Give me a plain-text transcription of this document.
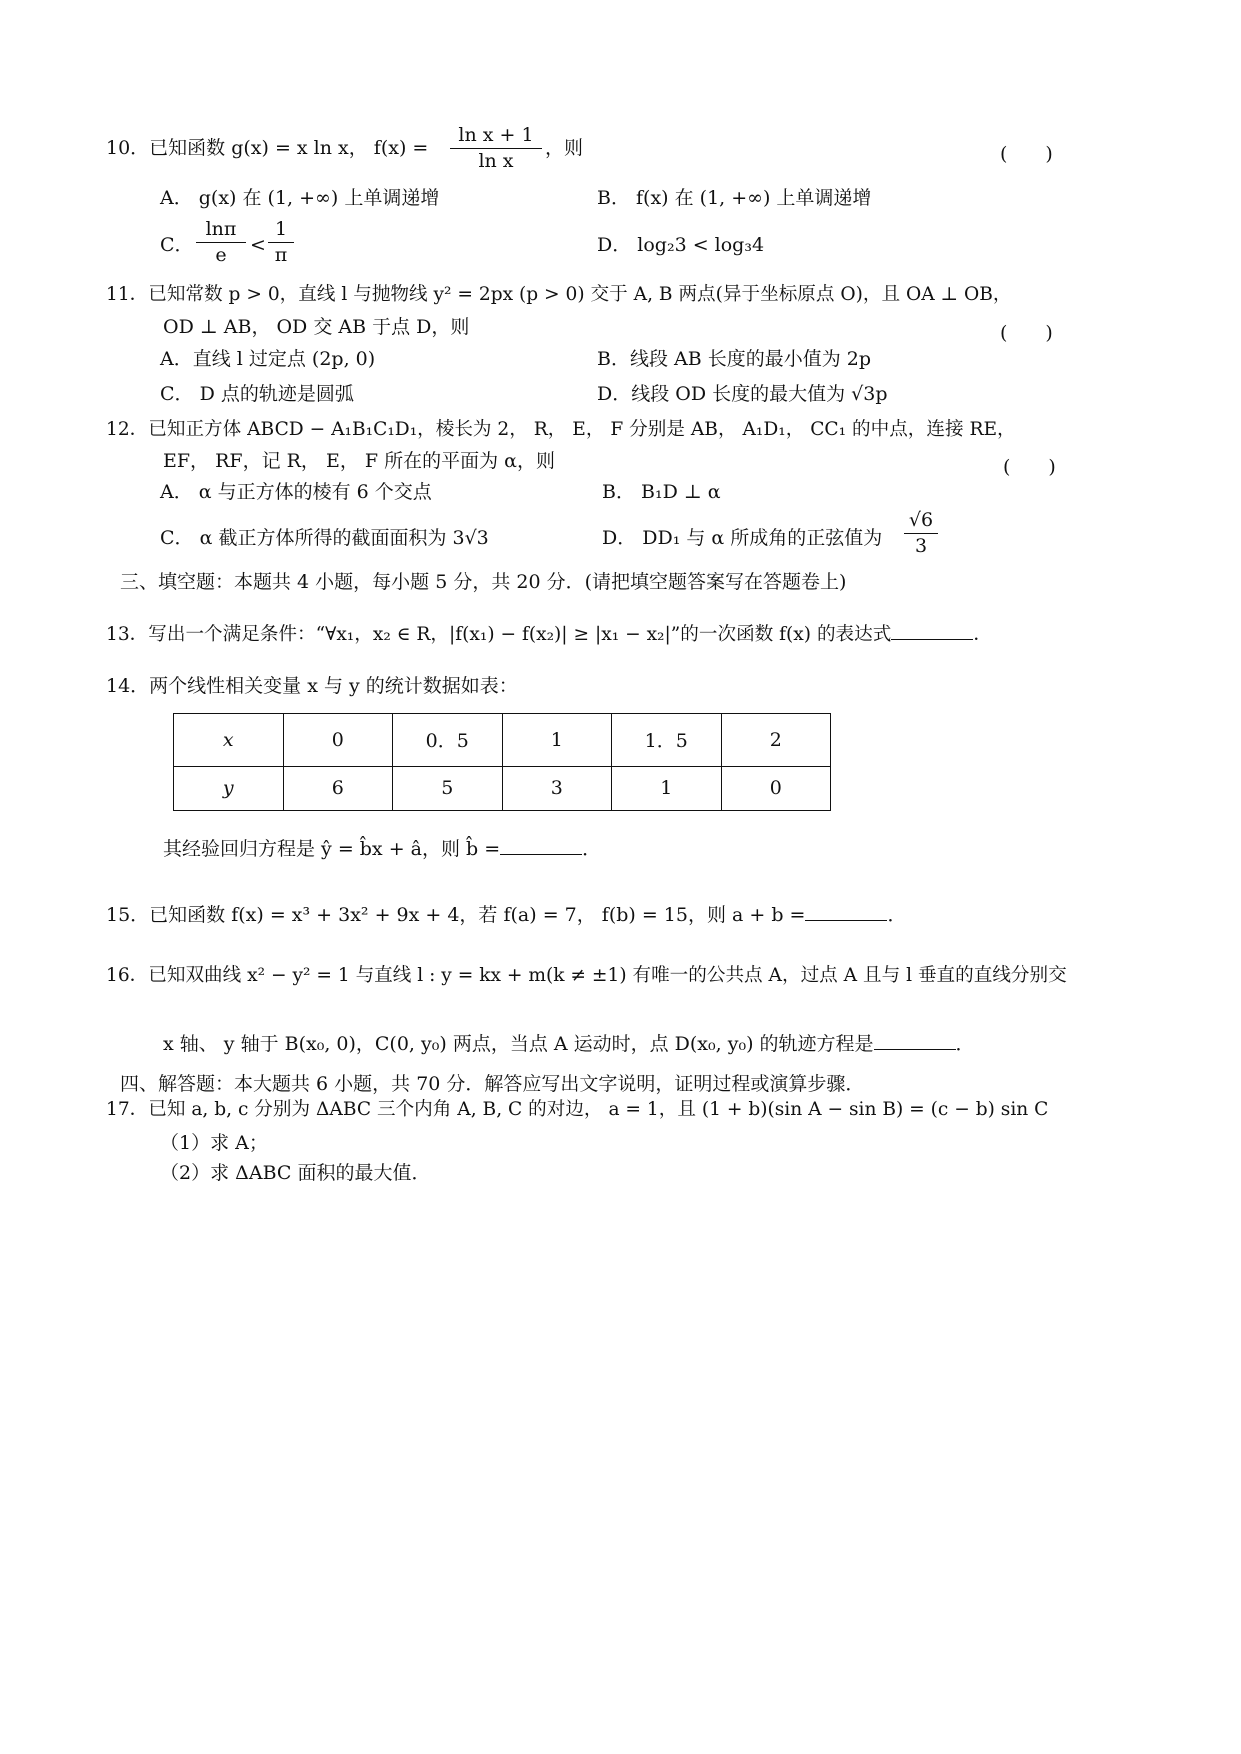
10．已知函数 g(x) = x ln x， f(x) =
ln x + 1
ln x
，则	(　　)
A． g(x) 在 (1, +∞) 上单调递增	B． f(x) 在 (1, +∞) 上单调递增
C．
lnπ
e	<
1
π	D． log₂3 < log₃4
11．已知常数 p > 0，直线 l 与抛物线 y² = 2px (p > 0) 交于 A, B 两点(异于坐标原点 O)，且 OA ⊥ OB，
OD ⊥ AB， OD 交 AB 于点 D，则	(　　)
A．直线 l 过定点 (2p, 0)	B．线段 AB 长度的最小值为 2p
C． D 点的轨迹是圆弧	D．线段 OD 长度的最大值为 √3p
12．已知正方体 ABCD − A₁B₁C₁D₁，棱长为 2， R， E， F 分别是 AB， A₁D₁， CC₁ 的中点，连接 RE，
EF， RF，记 R， E， F 所在的平面为 α，则	(　　)
A． α 与正方体的棱有 6 个交点	B． B₁D ⊥ α
C． α 截正方体所得的截面面积为 3√3	D． DD₁ 与 α 所成角的正弦值为
√6
3
三、填空题：本题共 4 小题，每小题 5 分，共 20 分．(请把填空题答案写在答题卷上)
13．写出一个满足条件：“∀x₁，x₂ ∈ R，|f(x₁) − f(x₂)| ≥ |x₁ − x₂|”的一次函数 f(x) 的表达式	．
14．两个线性相关变量 x 与 y 的统计数据如表：
x	0	0．5	1	1．5	2
y	6	5	3	1	0
其经验回归方程是 ŷ = b̂x + â，则 b̂ =	．
15．已知函数 f(x) = x³ + 3x² + 9x + 4，若 f(a) = 7， f(b) = 15，则 a + b =	．
16．已知双曲线 x² − y² = 1 与直线 l : y = kx + m(k ≠ ±1) 有唯一的公共点 A，过点 A 且与 l 垂直的直线分别交
x 轴、 y 轴于 B(x₀, 0)，C(0, y₀) 两点，当点 A 运动时，点 D(x₀, y₀) 的轨迹方程是	．
四、解答题：本大题共 6 小题，共 70 分．解答应写出文字说明，证明过程或演算步骤．
17．已知 a, b, c 分别为 ΔABC 三个内角 A, B, C 的对边， a = 1，且 (1 + b)(sin A − sin B) = (c − b) sin C
（1）求 A；
（2）求 ΔABC 面积的最大值．
